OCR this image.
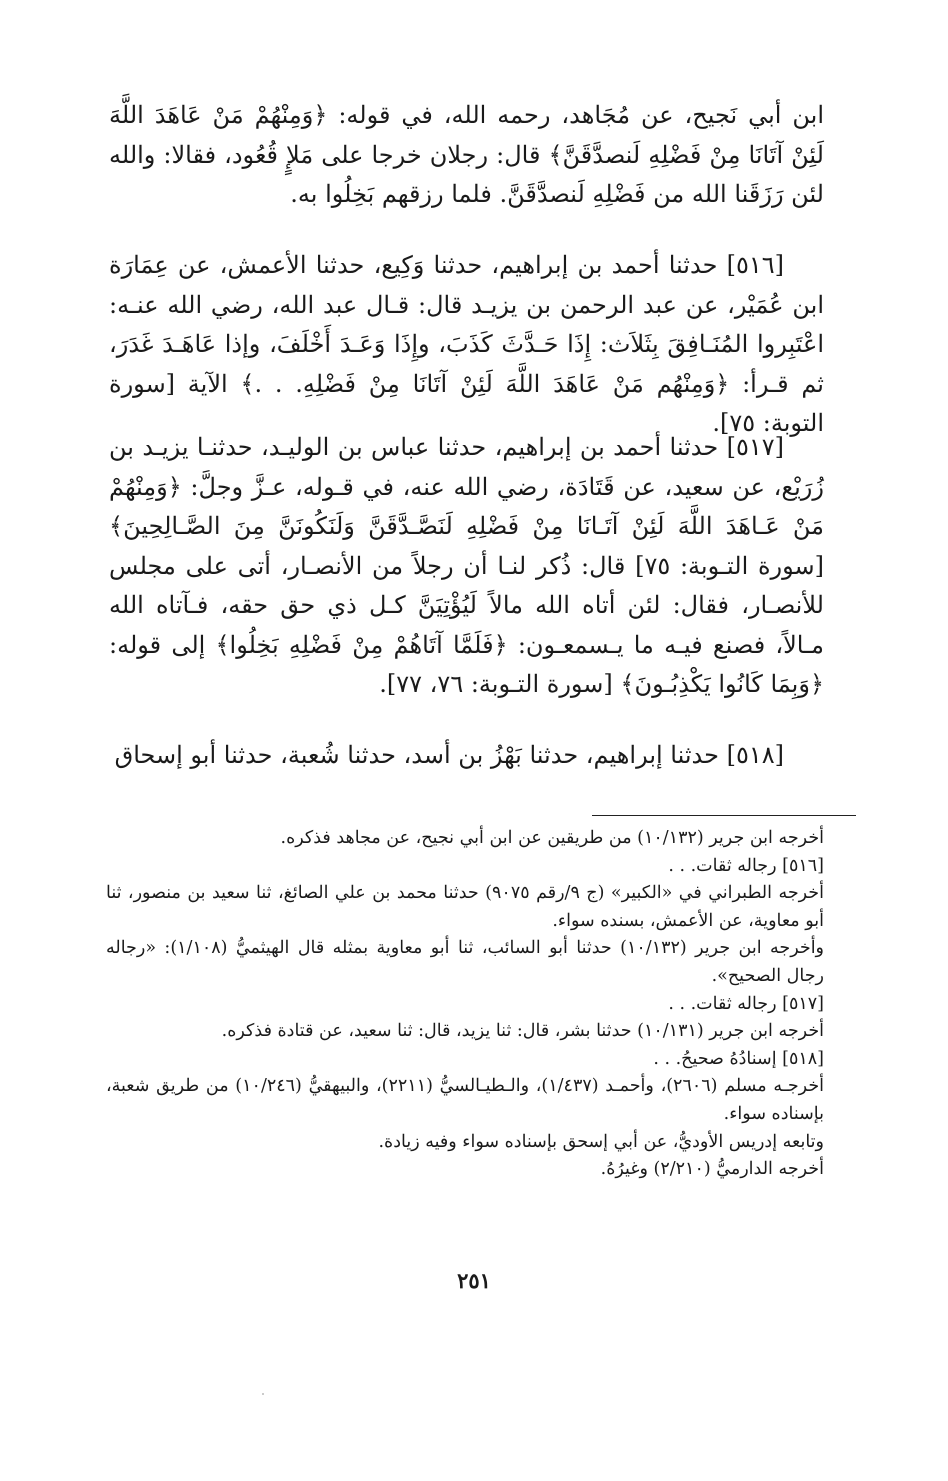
ابن أبي نَجيح، عن مُجَاهد، رحمه الله، في قوله: ﴿وَمِنْهُمْ مَنْ عَاهَدَ اللَّهَ لَئِنْ آتَانَا مِنْ فَضْلِهِ لَنصدَّقَنَّ﴾ قال: رجلان خرجا على مَلإٍ قُعُود، فقالا: والله لئن رَزَقَنا الله من فَضْلِهِ لَنصدَّقَنَّ. فلما رزقهم بَخِلُوا به.

[٥١٦] حدثنا أحمد بن إبراهيم، حدثنا وَكِيع، حدثنا الأعمش، عن عِمَارَة ابن عُمَيْر، عن عبد الرحمن بن يزيـد قال: قـال عبد الله، رضي الله عنـه: اعْتَبِروا المُنَـافِقَ بِثَلاَث: إِذَا حَـدَّثَ كَذَبَ، وإِذَا وَعَـدَ أَخْلَفَ، وإذا عَاهَـدَ غَدَرَ، ثم قـرأ: ﴿وَمِنْهُم مَنْ عَاهَدَ اللَّهَ لَئِنْ آتَانَا مِنْ فَضْلِهِ. . .﴾ الآية [سورة التوبة: ٧٥].

[٥١٧] حدثنا أحمد بن إبراهيم، حدثنا عباس بن الوليـد، حدثنـا يزيـد بن زُرَيْع، عن سعيد، عن قَتَادَة، رضي الله عنه، في قـوله، عـزَّ وجلَّ: ﴿وَمِنْهُمْ مَنْ عَـاهَدَ اللَّهَ لَئِنْ آتَـانَا مِنْ فَضْلِهِ لَنَصَّـدَّقَنَّ وَلَنَكُونَنَّ مِنَ الصَّـالِحِينَ﴾ [سورة التـوبة: ٧٥] قال: ذُكر لنـا أن رجلاً من الأنصـار، أتى على مجلس للأنصـار، فقال: لئن أتاه الله مالاً لَيُؤْتِيَنَّ كـل ذي حق حقه، فـآتاه الله مـالاً، فصنع فيـه ما يـسمعـون: ﴿فَلَمَّا آتَاهُمْ مِنْ فَضْلِهِ بَخِلُوا﴾ إلى قوله: ﴿وَبِمَا كَانُوا يَكْذِبُـونَ﴾ [سورة التـوبة: ٧٦، ٧٧].

[٥١٨] حدثنا إبراهيم، حدثنا بَهْزُ بن أسد، حدثنا شُعبة، حدثنا أبو إسحاق

أخرجه ابن جرير (١٠/١٣٢) من طريقين عن ابن أبي نجيح، عن مجاهد فذكره.

[٥١٦] رجاله ثقات. . .

أخرجه الطبراني في «الكبير» (ج ٩/رقم ٩٠٧٥) حدثنا محمد بن علي الصائغ، ثنا سعيد بن منصور، ثنا أبو معاوية، عن الأعمش، بسنده سواء.

وأخرجه ابن جرير (١٠/١٣٢) حدثنا أبو السائب، ثنا أبو معاوية بمثله قال الهيثميُّ (١/١٠٨): «رجاله رجال الصحيح».

[٥١٧] رجاله ثقات. . .

أخرجه ابن جرير (١٠/١٣١) حدثنا بشر، قال: ثنا يزيد، قال: ثنا سعيد، عن قتادة فذكره.

[٥١٨] إسنادُهُ صحيحُ. . .

أخرجـه مسلم (٢٦٠٦)، وأحمـد (١/٤٣٧)، والـطيـالسيُّ (٢٢١١)، والبيهقيُّ (١٠/٢٤٦) من طريق شعبة، بإسناده سواء.

وتابعه إدريس الأوديُّ، عن أبي إسحق بإسناده سواء وفيه زيادة.

أخرجه الدارميُّ (٢/٢١٠) وغيرُهُ.

٢٥١
